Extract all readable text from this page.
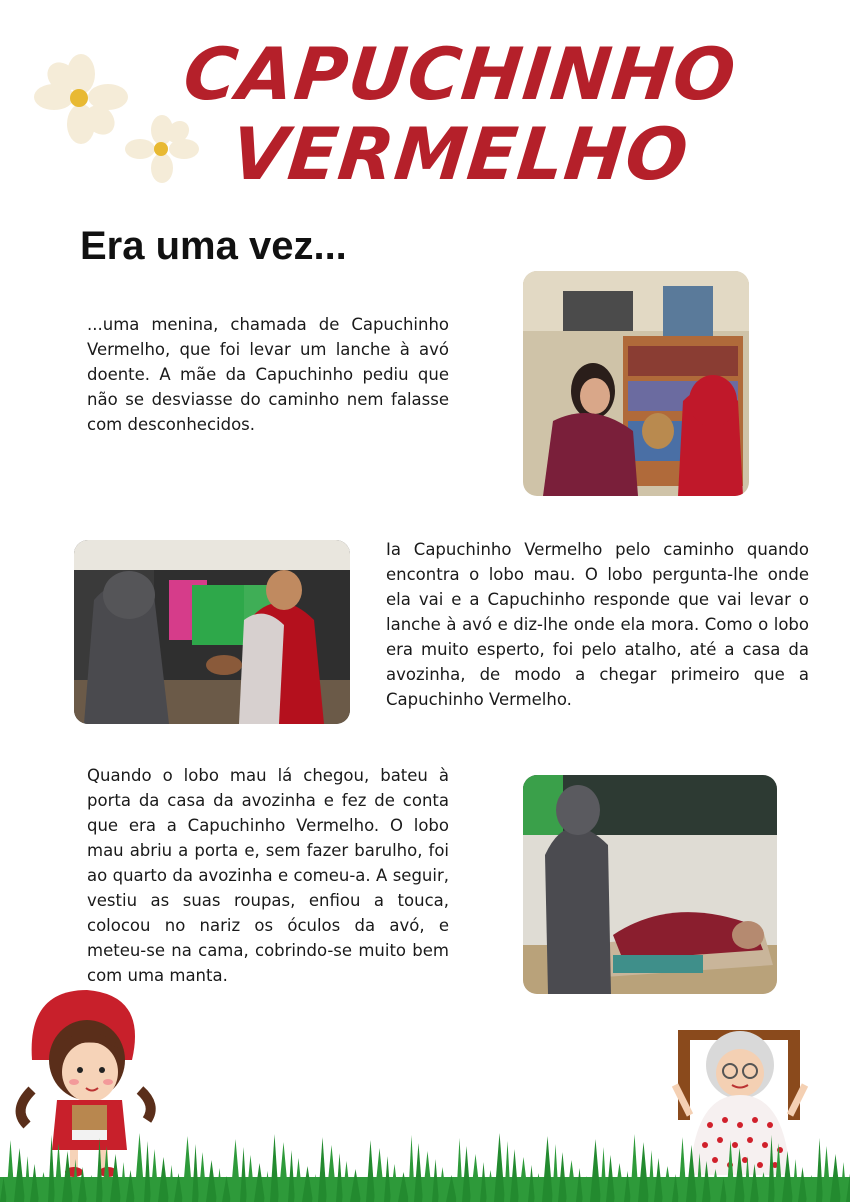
CAPUCHINHO
VERMELHO
Era uma vez...
...uma menina, chamada de Capuchinho Vermelho, que foi levar um lanche à avó doente. A mãe da Capuchinho pediu que não se desviasse do caminho nem falasse com desconhecidos.
Ia Capuchinho Vermelho pelo caminho quando encontra o lobo mau. O lobo pergunta-lhe onde ela vai e a Capuchinho responde que vai levar o lanche à avó e diz-lhe onde ela mora. Como o lobo era muito esperto, foi pelo atalho, até a casa da avozinha, de modo a chegar primeiro que a Capuchinho Vermelho.
Quando o lobo mau lá chegou, bateu à porta da casa da avozinha e fez de conta que era a Capuchinho Vermelho. O lobo mau abriu a porta e, sem fazer barulho, foi ao quarto da avozinha e comeu-a. A seguir, vestiu as suas roupas, enfiou a touca, colocou no nariz os óculos da avó, e meteu-se na cama, cobrindo-se muito bem com uma manta.
